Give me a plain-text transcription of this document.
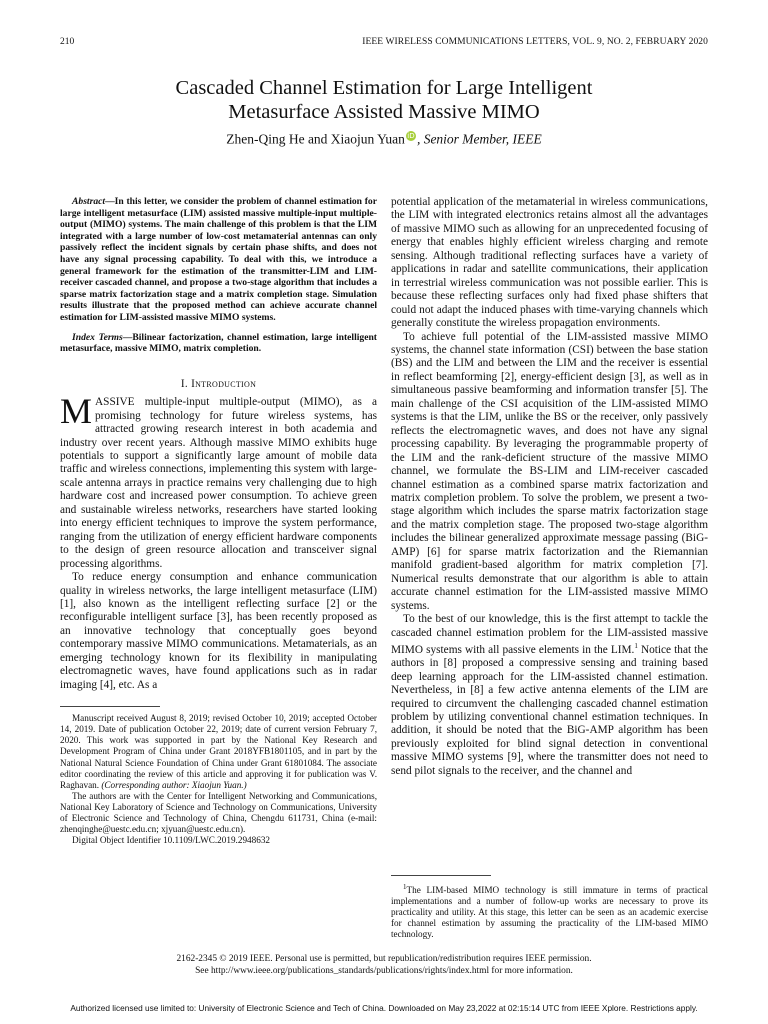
210	IEEE WIRELESS COMMUNICATIONS LETTERS, VOL. 9, NO. 2, FEBRUARY 2020
Cascaded Channel Estimation for Large Intelligent
Metasurface Assisted Massive MIMO
Zhen-Qing He and Xiaojun Yuan iD , Senior Member, IEEE

Abstract—In this letter, we consider the problem of channel estimation for large intelligent metasurface (LIM) assisted massive multiple-input multiple-output (MIMO) systems. The main challenge of this problem is that the LIM integrated with a large number of low-cost metamaterial antennas can only passively reflect the incident signals by certain phase shifts, and does not have any signal processing capability. To deal with this, we introduce a general framework for the estimation of the transmitter-LIM and LIM-receiver cascaded channel, and propose a two-stage algorithm that includes a sparse matrix factorization stage and a matrix completion stage. Simulation results illustrate that the proposed method can achieve accurate channel estimation for LIM-assisted massive MIMO systems.

Index Terms—Bilinear factorization, channel estimation, large intelligent metasurface, massive MIMO, matrix completion.

I. Introduction

MASSIVE multiple-input multiple-output (MIMO), as a promising technology for future wireless systems, has attracted growing research interest in both academia and industry over recent years. Although massive MIMO exhibits huge potentials to support a significantly large amount of mobile data traffic and wireless connections, implementing this system with large-scale antenna arrays in practice remains very challenging due to high hardware cost and increased power consumption. To achieve green and sustainable wireless networks, researchers have started looking into energy efficient techniques to improve the system performance, ranging from the utilization of energy efficient hardware components to the design of green resource allocation and transceiver signal processing algorithms.

To reduce energy consumption and enhance communication quality in wireless networks, the large intelligent metasurface (LIM) [1], also known as the intelligent reflecting surface [2] or the reconfigurable intelligent surface [3], has been recently proposed as an innovative technology that conceptually goes beyond contemporary massive MIMO communications. Metamaterials, as an emerging technology known for its flexibility in manipulating electromagnetic waves, have found applications such as in radar imaging [4], etc. As a

Manuscript received August 8, 2019; revised October 10, 2019; accepted October 14, 2019. Date of publication October 22, 2019; date of current version February 7, 2020. This work was supported in part by the National Key Research and Development Program of China under Grant 2018YFB1801105, and in part by the National Natural Science Foundation of China under Grant 61801084. The associate editor coordinating the review of this article and approving it for publication was V. Raghavan. (Corresponding author: Xiaojun Yuan.)

The authors are with the Center for Intelligent Networking and Communications, National Key Laboratory of Science and Technology on Communications, University of Electronic Science and Technology of China, Chengdu 611731, China (e-mail: zhenqinghe@uestc.edu.cn; xjyuan@uestc.edu.cn).

Digital Object Identifier 10.1109/LWC.2019.2948632

potential application of the metamaterial in wireless communications, the LIM with integrated electronics retains almost all the advantages of massive MIMO such as allowing for an unprecedented focusing of energy that enables highly efficient wireless charging and remote sensing. Although traditional reflecting surfaces have a variety of applications in radar and satellite communications, their application in terrestrial wireless communication was not possible earlier. This is because these reflecting surfaces only had fixed phase shifters that could not adapt the induced phases with time-varying channels which generally constitute the wireless propagation environments.

To achieve full potential of the LIM-assisted massive MIMO systems, the channel state information (CSI) between the base station (BS) and the LIM and between the LIM and the receiver is essential in reflect beamforming [2], energy-efficient design [3], as well as in simultaneous passive beamforming and information transfer [5]. The main challenge of the CSI acquisition of the LIM-assisted MIMO systems is that the LIM, unlike the BS or the receiver, only passively reflects the electromagnetic waves, and does not have any signal processing capability. By leveraging the programmable property of the LIM and the rank-deficient structure of the massive MIMO channel, we formulate the BS-LIM and LIM-receiver cascaded channel estimation as a combined sparse matrix factorization and matrix completion problem. To solve the problem, we present a two-stage algorithm which includes the sparse matrix factorization stage and the matrix completion stage. The proposed two-stage algorithm includes the bilinear generalized approximate message passing (BiG-AMP) [6] for sparse matrix factorization and the Riemannian manifold gradient-based algorithm for matrix completion [7]. Numerical results demonstrate that our algorithm is able to attain accurate channel estimation for the LIM-assisted massive MIMO systems.

To the best of our knowledge, this is the first attempt to tackle the cascaded channel estimation problem for the LIM-assisted massive MIMO systems with all passive elements in the LIM.$^1$ Notice that the authors in [8] proposed a compressive sensing and training based deep learning approach for the LIM-assisted channel estimation. Nevertheless, in [8] a few active antenna elements of the LIM are required to circumvent the challenging cascaded channel estimation problem by utilizing conventional channel estimation techniques. In addition, it should be noted that the BiG-AMP algorithm has been previously exploited for blind signal detection in conventional massive MIMO systems [9], where the transmitter does not need to send pilot signals to the receiver, and the channel and

$^1$The LIM-based MIMO technology is still immature in terms of practical implementations and a number of follow-up works are necessary to prove its practicality and utility. At this stage, this letter can be seen as an academic exercise for channel estimation by assuming the practicality of the LIM-based MIMO technology.

2162-2345 © 2019 IEEE. Personal use is permitted, but republication/redistribution requires IEEE permission.
See http://www.ieee.org/publications_standards/publications/rights/index.html for more information.
Authorized licensed use limited to: University of Electronic Science and Tech of China. Downloaded on May 23,2022 at 02:15:14 UTC from IEEE Xplore. Restrictions apply.
